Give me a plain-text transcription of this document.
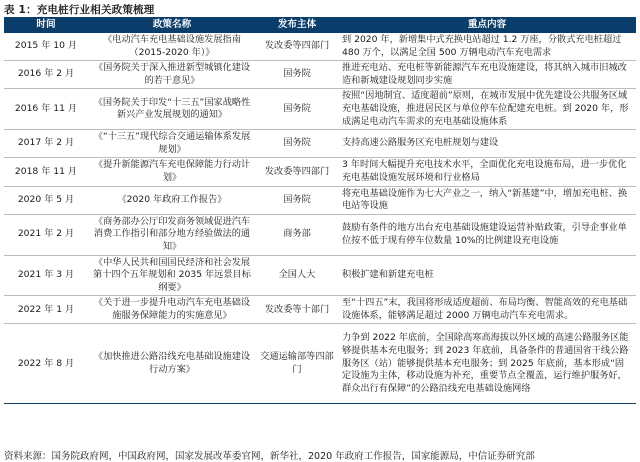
表 1：充电桩行业相关政策梳理
时间	政策名称	发布主体	重点内容
2015 年 10 月	《电动汽车充电基础设施发展指南（2015-2020 年）》	发改委等四部门	到 2020 年，新增集中式充换电站超过 1.2 万座，分散式充电桩超过 480 万个，以满足全国 500 万辆电动汽车充电需求
2016 年 2 月	《国务院关于深入推进新型城镇化建设的若干意见》	国务院	推进充电站、充电桩等新能源汽车充电设施建设，将其纳入城市旧城改造和新城建设规划同步实施
2016 年 11 月	《国务院关于印发“十三五”国家战略性新兴产业发展规划的通知》	国务院	按照“因地制宜、适度超前”原则，在城市发展中优先建设公共服务区域充电基础设施，推进居民区与单位停车位配建充电桩。到 2020 年，形成满足电动汽车需求的充电基础设施体系
2017 年 2 月	《“十三五”现代综合交通运输体系发展规划》	国务院	支持高速公路服务区充电桩规划与建设
2018 年 11 月	《提升新能源汽车充电保障能力行动计划》	发改委等四部门	3 年时间大幅提升充电技术水平，全面优化充电设施布局，进一步优化充电基础设施发展环境和行业格局
2020 年 5 月	《2020 年政府工作报告》	国务院	将充电基础设施作为七大产业之一，纳入“新基建”中，增加充电桩、换电站等设施
2021 年 2 月	《商务部办公厅印发商务领域促进汽车消费工作指引和部分地方经验做法的通知》	商务部	鼓励有条件的地方出台充电基础设施建设运营补贴政策，引导企事业单位按不低于现有停车位数量 10%的比例建设充电设施
2021 年 3 月	《中华人民共和国国民经济和社会发展第十四个五年规划和 2035 年远景目标纲要》	全国人大	积极扩建和新建充电桩
2022 年 1 月	《关于进一步提升电动汽车充电基础设施服务保障能力的实施意见》	发改委等十部门	至“十四五”末，我国将形成适度超前、布局均衡、智能高效的充电基础设施体系，能够满足超过 2000 万辆电动汽车充电需求。
2022 年 8 月	《加快推进公路沿线充电基础设施建设行动方案》	交通运输部等四部门	力争到 2022 年底前，全国除高寒高海拔以外区域的高速公路服务区能够提供基本充电服务；到 2023 年底前，具备条件的普通国省干线公路服务区（站）能够提供基本充电服务；到 2025 年底前，基本形成“固定设施为主体，移动设施为补充，重要节点全覆盖，运行维护服务好，群众出行有保障”的公路沿线充电基础设施网络
资料来源：国务院政府网，中国政府网，国家发展改革委官网，新华社，2020 年政府工作报告，国家能源局，中信证券研究部
